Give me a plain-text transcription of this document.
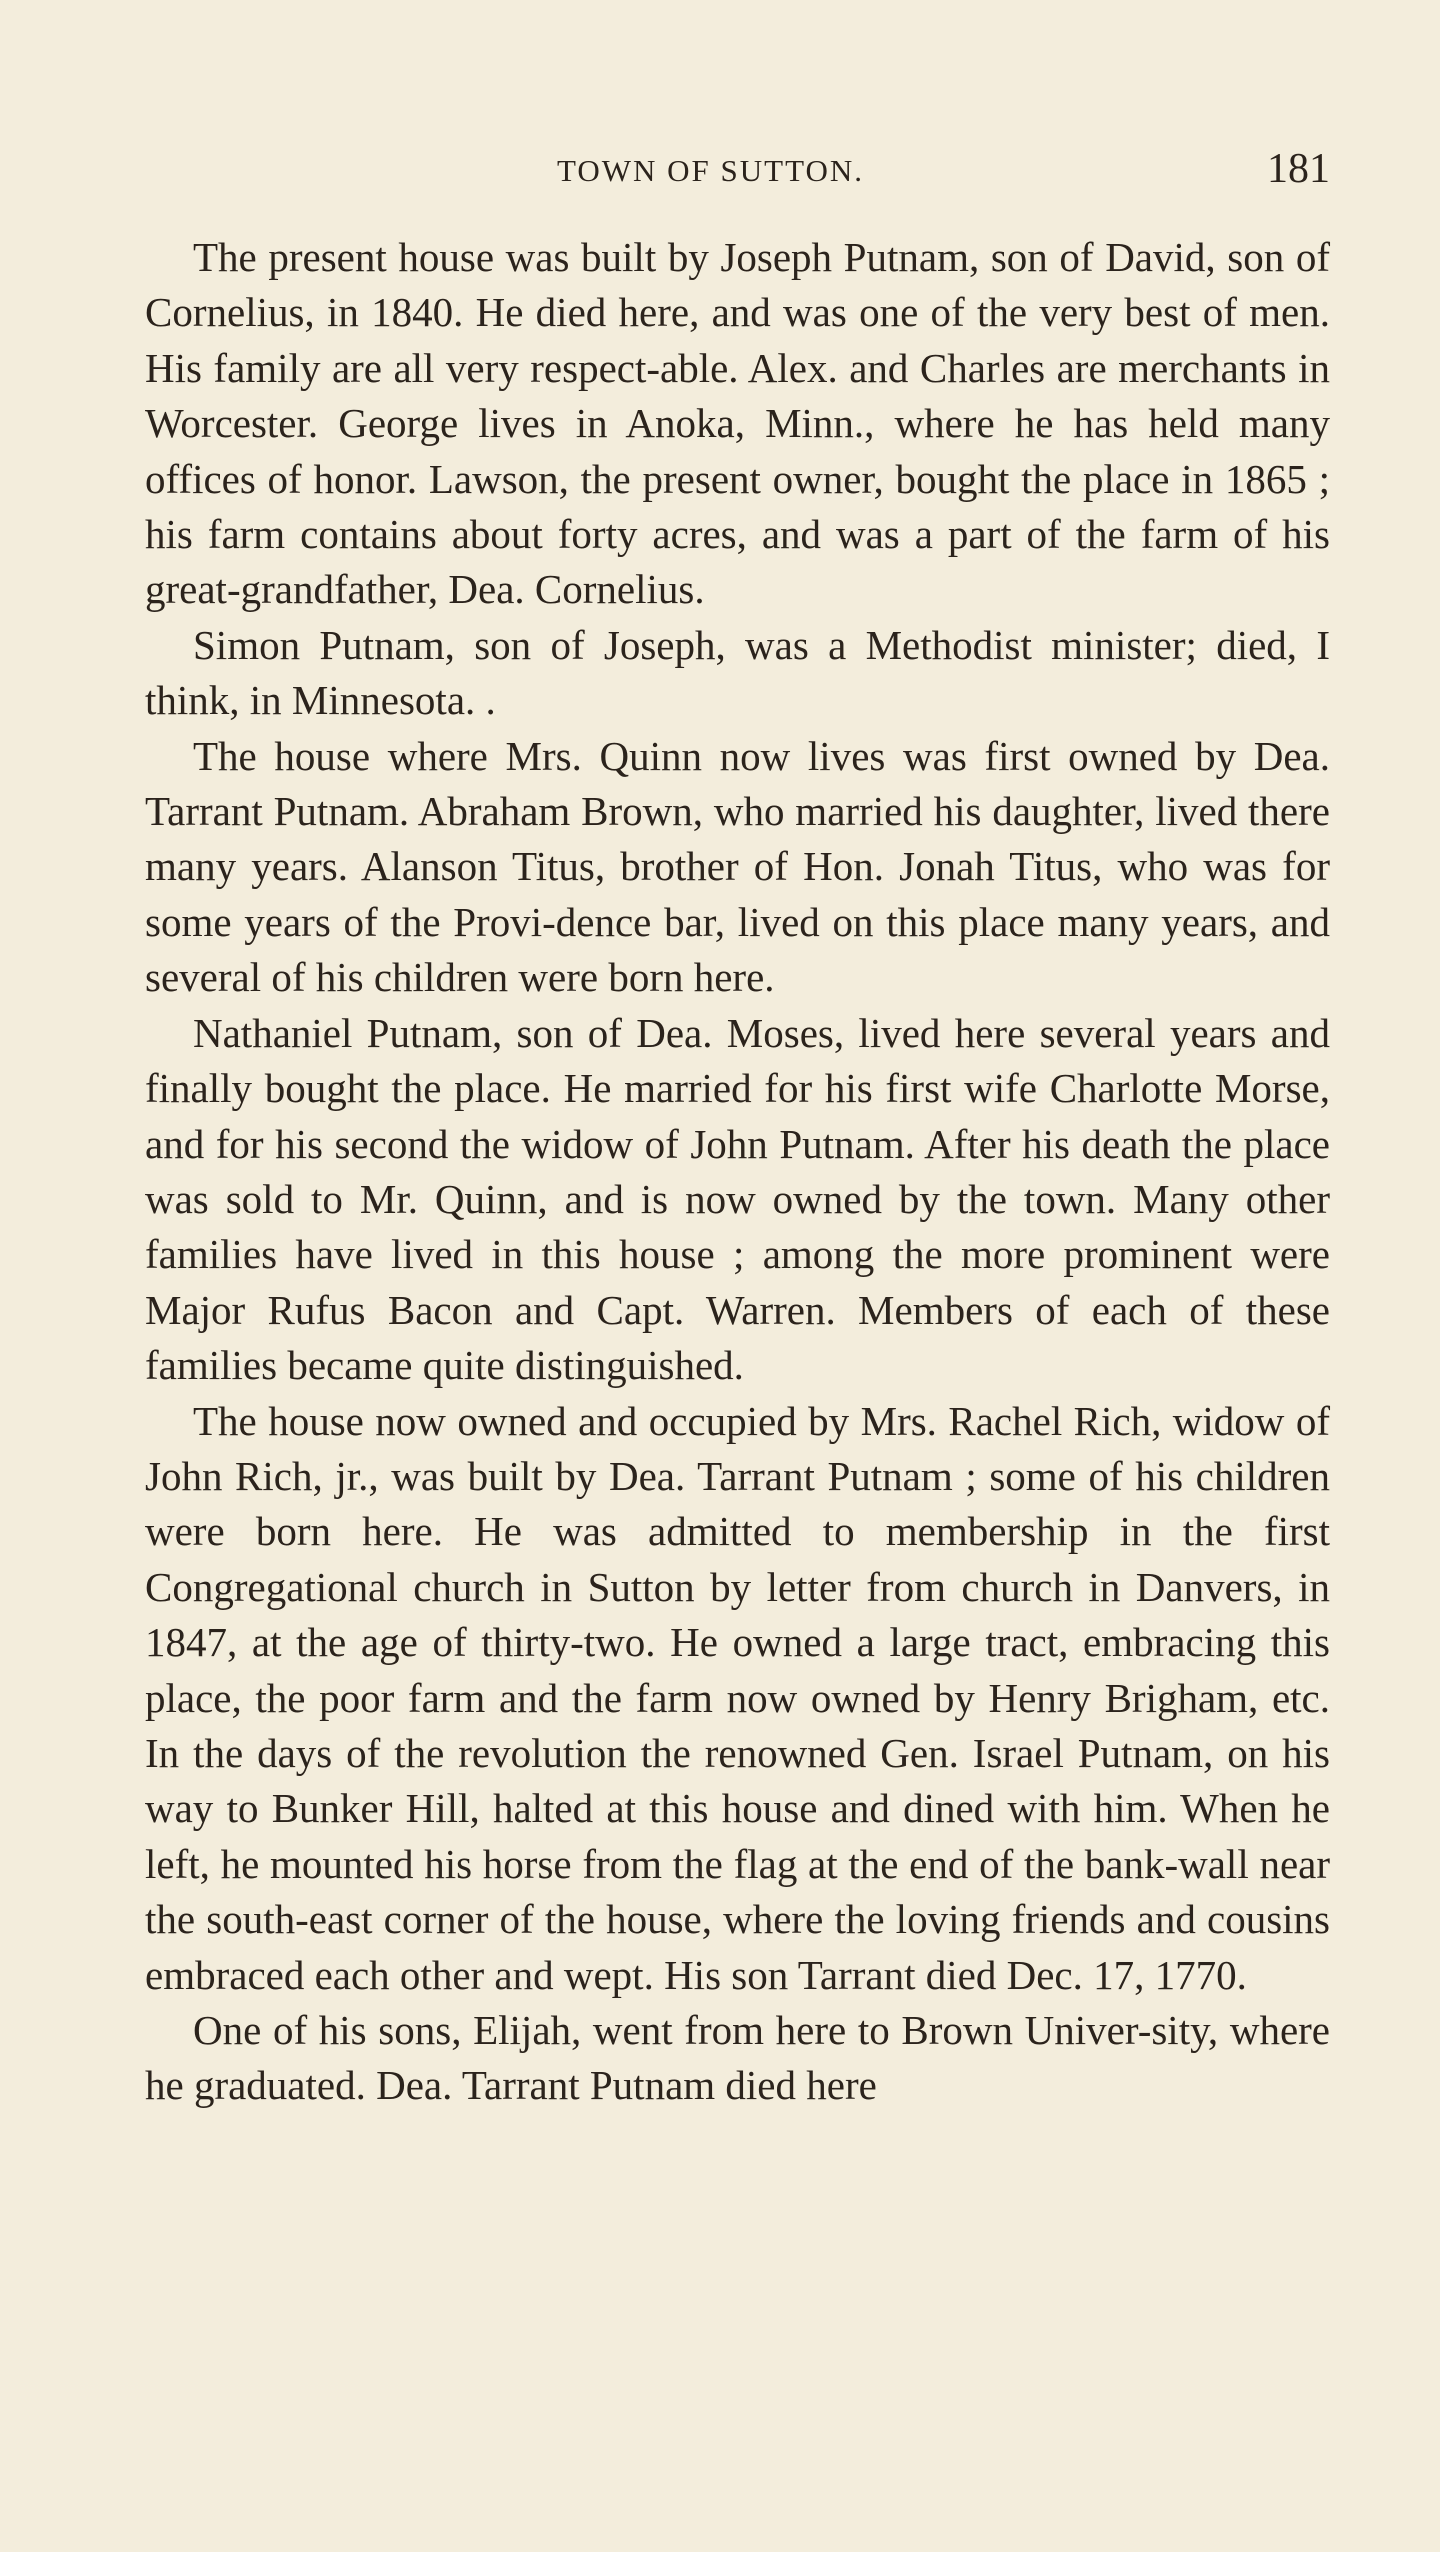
TOWN OF SUTTON.	181

The present house was built by Joseph Putnam, son of David, son of Cornelius, in 1840. He died here, and was one of the very best of men. His family are all very respect-able. Alex. and Charles are merchants in Worcester. George lives in Anoka, Minn., where he has held many offices of honor. Lawson, the present owner, bought the place in 1865 ; his farm contains about forty acres, and was a part of the farm of his great-grandfather, Dea. Cornelius.

Simon Putnam, son of Joseph, was a Methodist minister; died, I think, in Minnesota. .

The house where Mrs. Quinn now lives was first owned by Dea. Tarrant Putnam. Abraham Brown, who married his daughter, lived there many years. Alanson Titus, brother of Hon. Jonah Titus, who was for some years of the Provi-dence bar, lived on this place many years, and several of his children were born here.

Nathaniel Putnam, son of Dea. Moses, lived here several years and finally bought the place. He married for his first wife Charlotte Morse, and for his second the widow of John Putnam. After his death the place was sold to Mr. Quinn, and is now owned by the town. Many other families have lived in this house ; among the more prominent were Major Rufus Bacon and Capt. Warren. Members of each of these families became quite distinguished.

The house now owned and occupied by Mrs. Rachel Rich, widow of John Rich, jr., was built by Dea. Tarrant Putnam ; some of his children were born here. He was admitted to membership in the first Congregational church in Sutton by letter from church in Danvers, in 1847, at the age of thirty-two. He owned a large tract, embracing this place, the poor farm and the farm now owned by Henry Brigham, etc. In the days of the revolution the renowned Gen. Israel Putnam, on his way to Bunker Hill, halted at this house and dined with him. When he left, he mounted his horse from the flag at the end of the bank-wall near the south-east corner of the house, where the loving friends and cousins embraced each other and wept. His son Tarrant died Dec. 17, 1770.

One of his sons, Elijah, went from here to Brown Univer-sity, where he graduated. Dea. Tarrant Putnam died here
